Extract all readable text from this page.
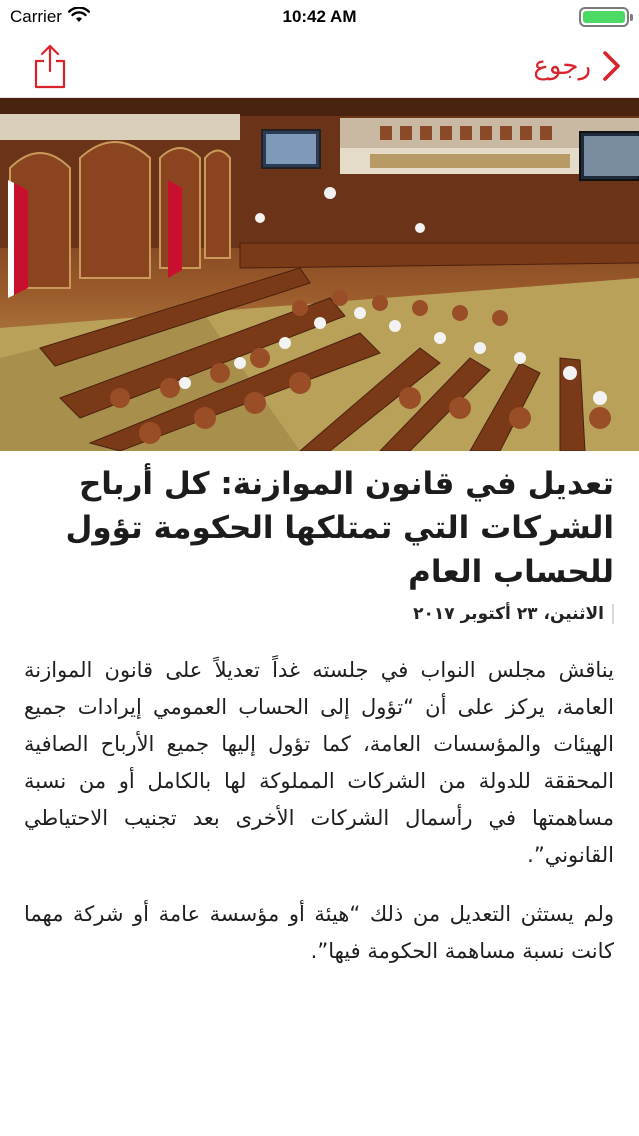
Carrier	10:42 AM
رجوع
تعديل في قانون الموازنة: كل أرباح الشركات التي تمتلكها الحكومة تؤول للحساب العام
الاثنين، ٢٣ أكتوبر ٢٠١٧

يناقش مجلس النواب في جلسته غداً تعديلاً على قانون الموازنة العامة، يركز على أن “تؤول إلى الحساب العمومي إيرادات جميع الهيئات والمؤسسات العامة، كما تؤول إليها جميع الأرباح الصافية المحققة للدولة من الشركات المملوكة لها بالكامل أو من نسبة مساهمتها في رأسمال الشركات الأخرى بعد تجنيب الاحتياطي القانوني”.

ولم يستثن التعديل من ذلك “هيئة أو مؤسسة عامة أو شركة مهما كانت نسبة مساهمة الحكومة فيها”.
